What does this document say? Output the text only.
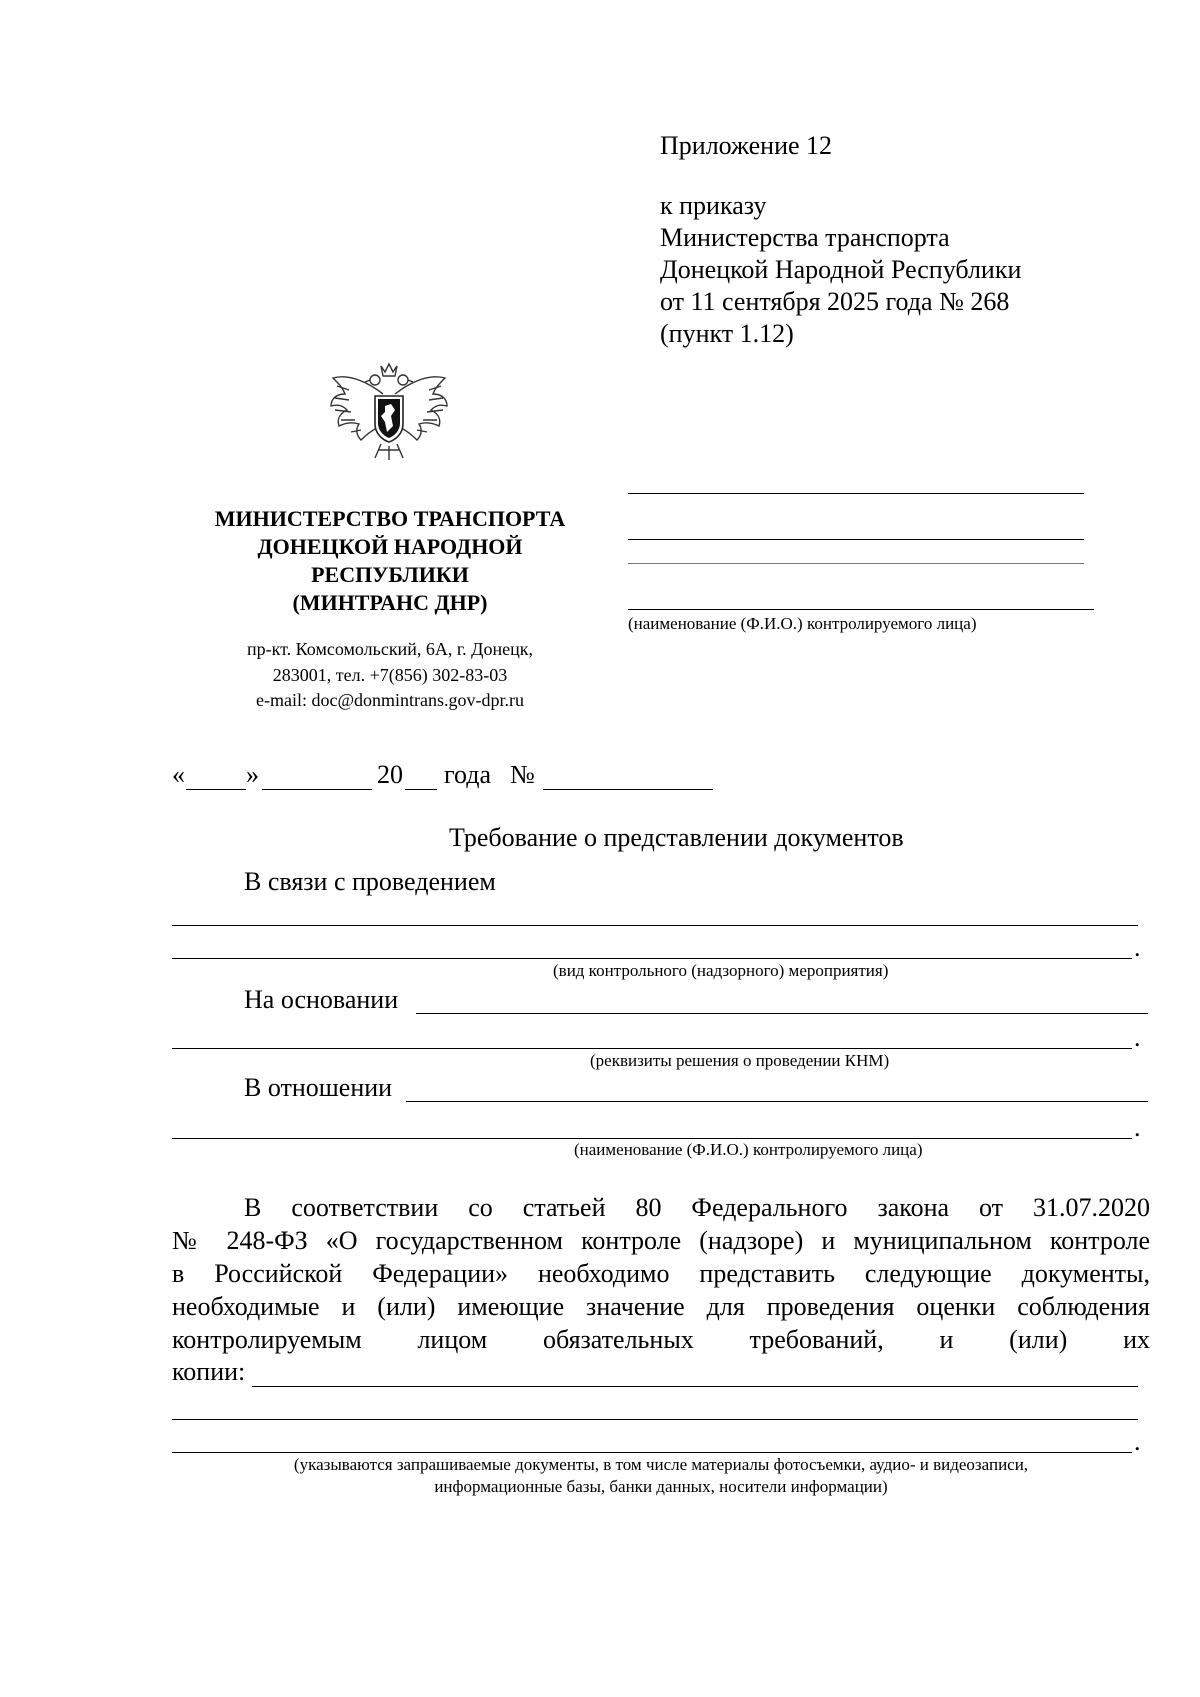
Приложение 12
к приказу
Министерства транспорта
Донецкой Народной Республики
от 11 сентября 2025 года № 268
(пункт 1.12)
(наименование (Ф.И.О.) контролируемого лица)
МИНИСТЕРСТВО ТРАНСПОРТА
ДОНЕЦКОЙ НАРОДНОЙ
РЕСПУБЛИКИ
(МИНТРАНС ДНР)
пр-кт. Комсомольский, 6А, г. Донецк,
283001, тел. +7(856) 302-83-03
e-mail: doc@donmintrans.gov-dpr.ru
« »	20 года №
Требование о представлении документов
В связи с проведением
.
(вид контрольного (надзорного) мероприятия)
На основании
.
(реквизиты решения о проведении КНМ)
В отношении
.
(наименование (Ф.И.О.) контролируемого лица)
В соответствии со статьей 80 Федерального закона от 31.07.2020
№ 248-ФЗ «О государственном контроле (надзоре) и муниципальном контроле
в Российской Федерации» необходимо представить следующие документы,
необходимые и (или) имеющие значение для проведения оценки соблюдения
контролируемым лицом обязательных требований, и (или) их
копии:
.
(указываются запрашиваемые документы, в том числе материалы фотосъемки, аудио- и видеозаписи,
информационные базы, банки данных, носители информации)
